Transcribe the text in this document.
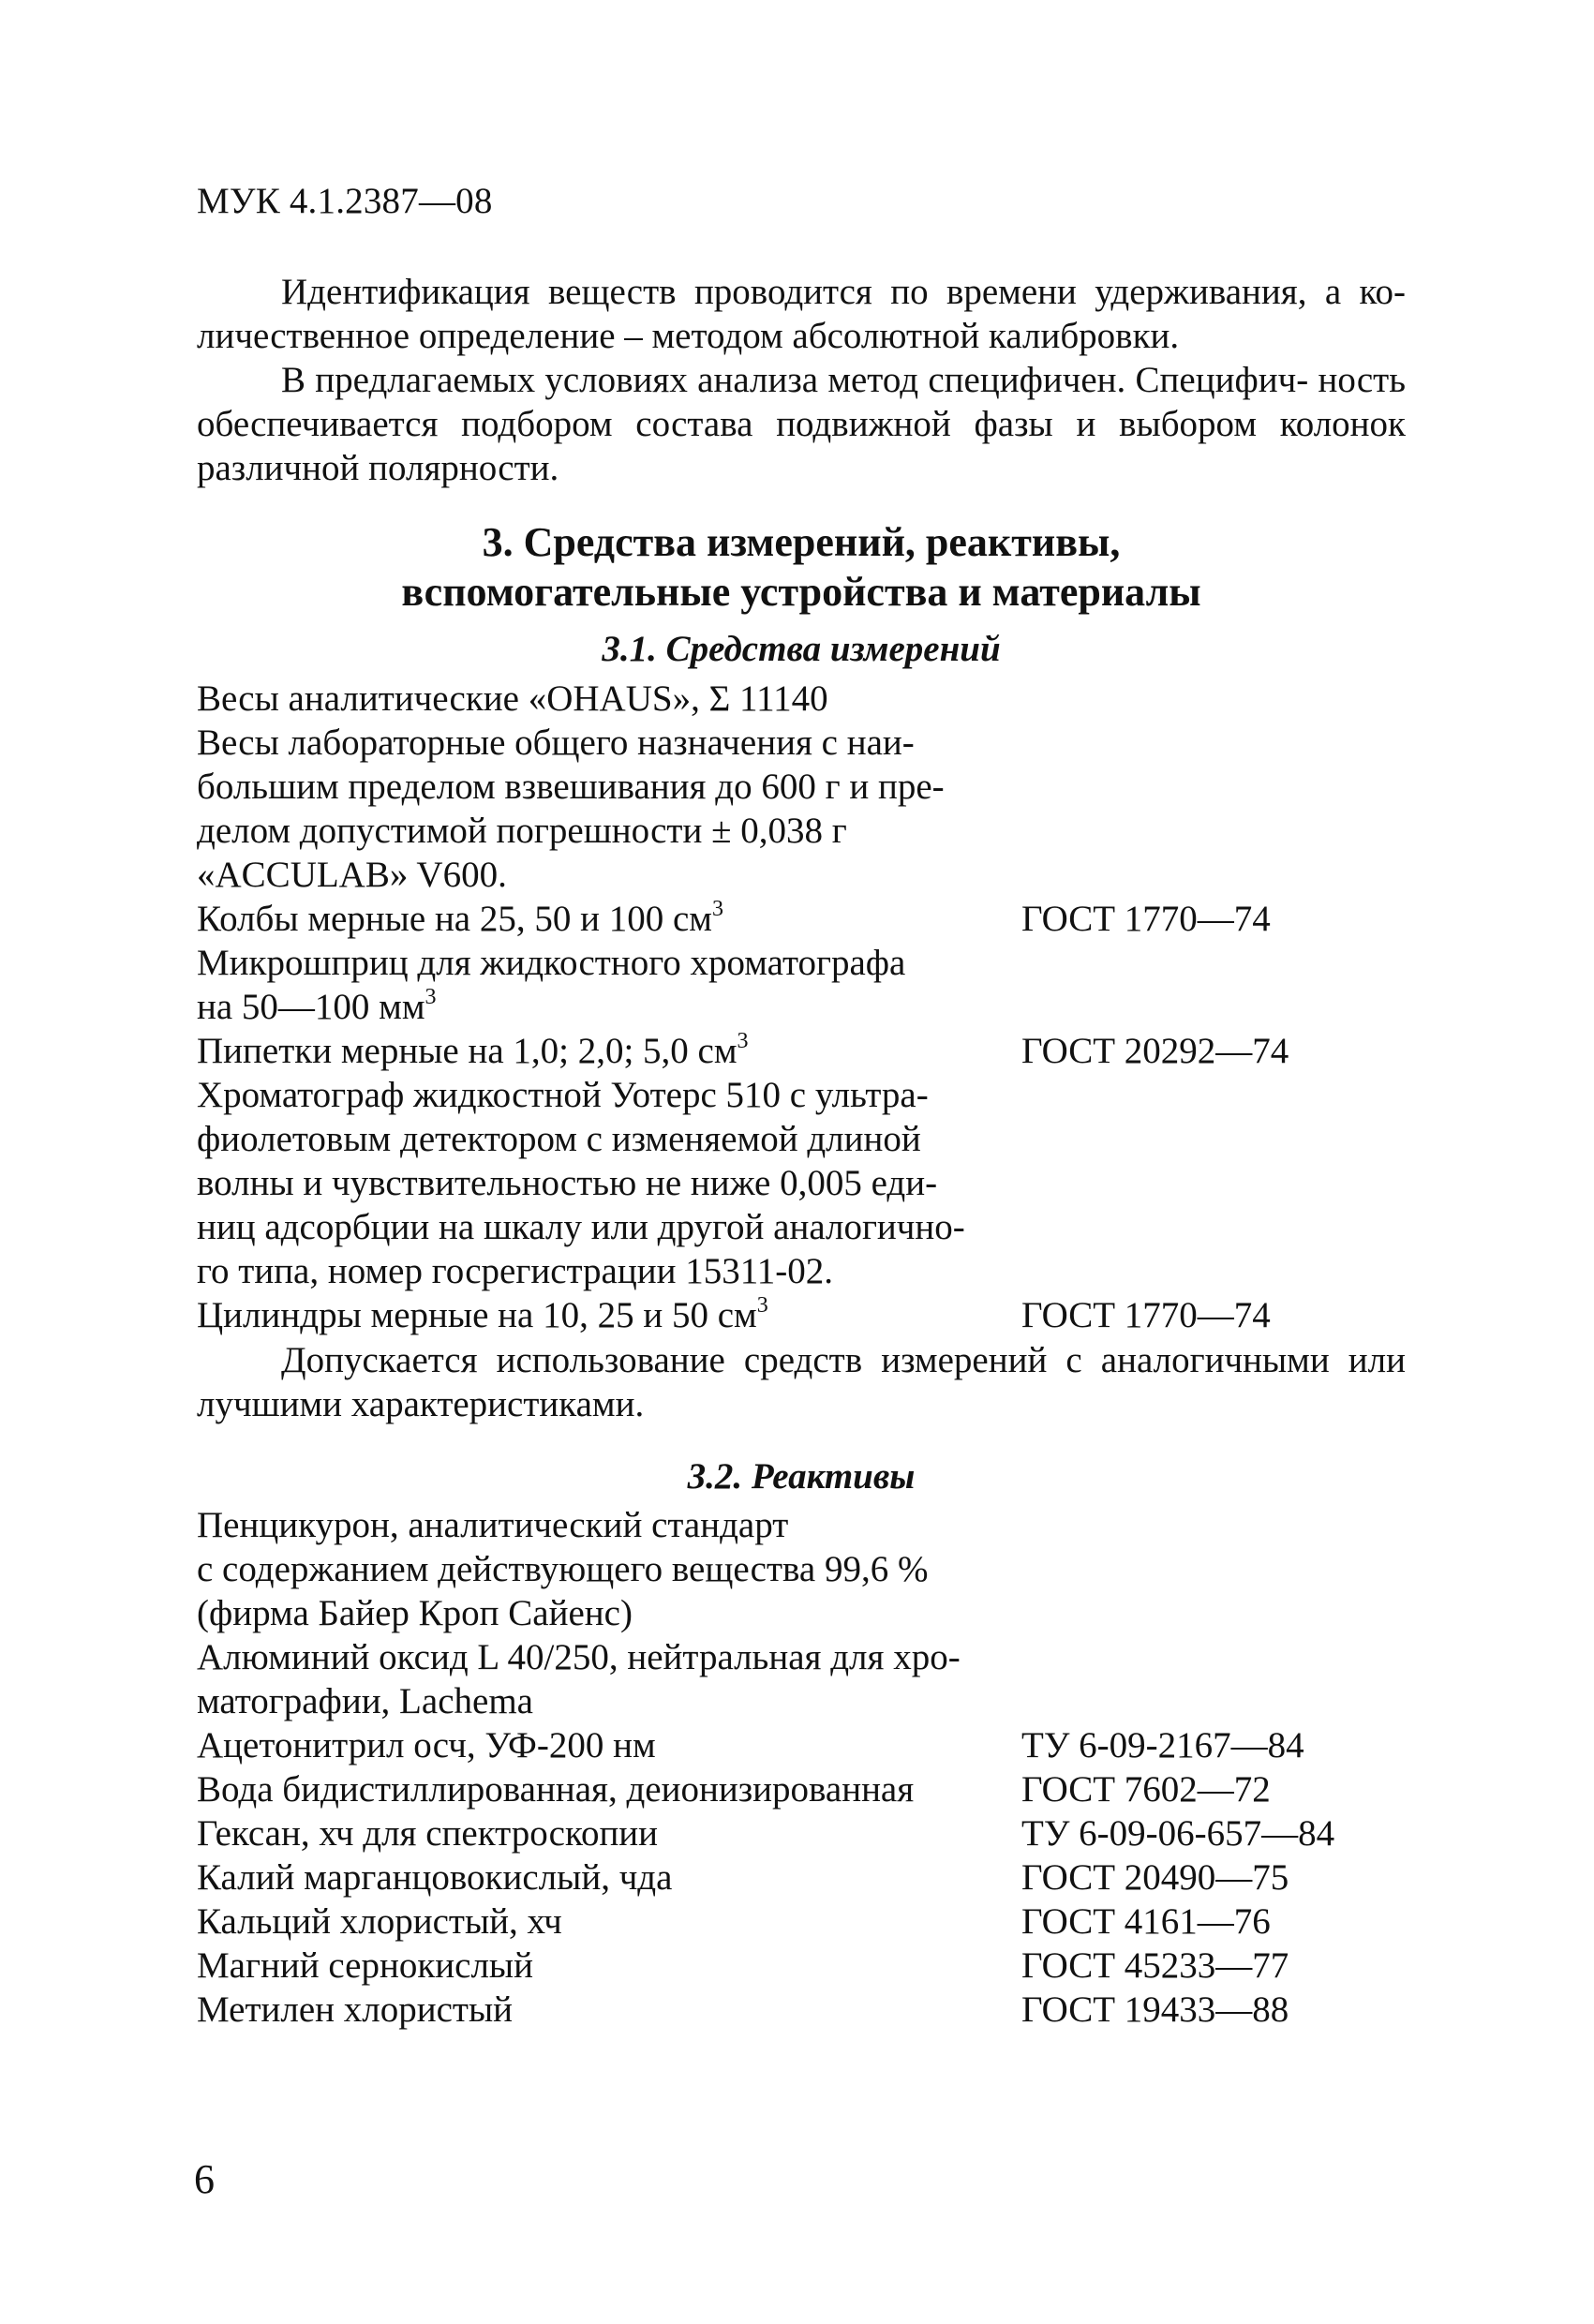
МУК 4.1.2387—08

Идентификация веществ проводится по времени удерживания, а ко- личественное определение – методом абсолютной калибровки.

В предлагаемых условиях анализа метод специфичен. Специфич- ность обеспечивается подбором состава подвижной фазы и выбором колонок различной полярности.

3. Средства измерений, реактивы,
вспомогательные устройства и материалы
3.1. Средства измерений
Весы аналитические «OHAUS», Σ 11140
Весы лабораторные общего назначения с наи-
большим пределом взвешивания до 600 г и пре-
делом допустимой погрешности ± 0,038 г
«ACCULAB» V600.
Колбы мерные на 25, 50 и 100 $см^3$	ГОСТ 1770—74
Микрошприц для жидкостного хроматографа
на 50—100 $мм^3$
Пипетки мерные на 1,0; 2,0; 5,0 $см^3$	ГОСТ 20292—74
Хроматограф жидкостной Уотерс 510 с ультра-
фиолетовым детектором с изменяемой длиной
волны и чувствительностью не ниже 0,005 еди-
ниц адсорбции на шкалу или другой аналогично-
го типа, номер госрегистрации 15311-02.
Цилиндры мерные на 10, 25 и 50 $см^3$	ГОСТ 1770—74

Допускается использование средств измерений с аналогичными или лучшими характеристиками.

3.2. Реактивы
Пенцикурон, аналитический стандарт
с содержанием действующего вещества 99,6 %
(фирма Байер Кроп Сайенс)
Алюминий оксид L 40/250, нейтральная для хро-
матографии, Lachema
Ацетонитрил осч, УФ-200 нм	ТУ 6-09-2167—84
Вода бидистиллированная, деионизированная	ГОСТ 7602—72
Гексан, хч для спектроскопии	ТУ 6-09-06-657—84
Калий марганцовокислый, чда	ГОСТ 20490—75
Кальций хлористый, хч	ГОСТ 4161—76
Магний сернокислый	ГОСТ 45233—77
Метилен хлористый	ГОСТ 19433—88
6
